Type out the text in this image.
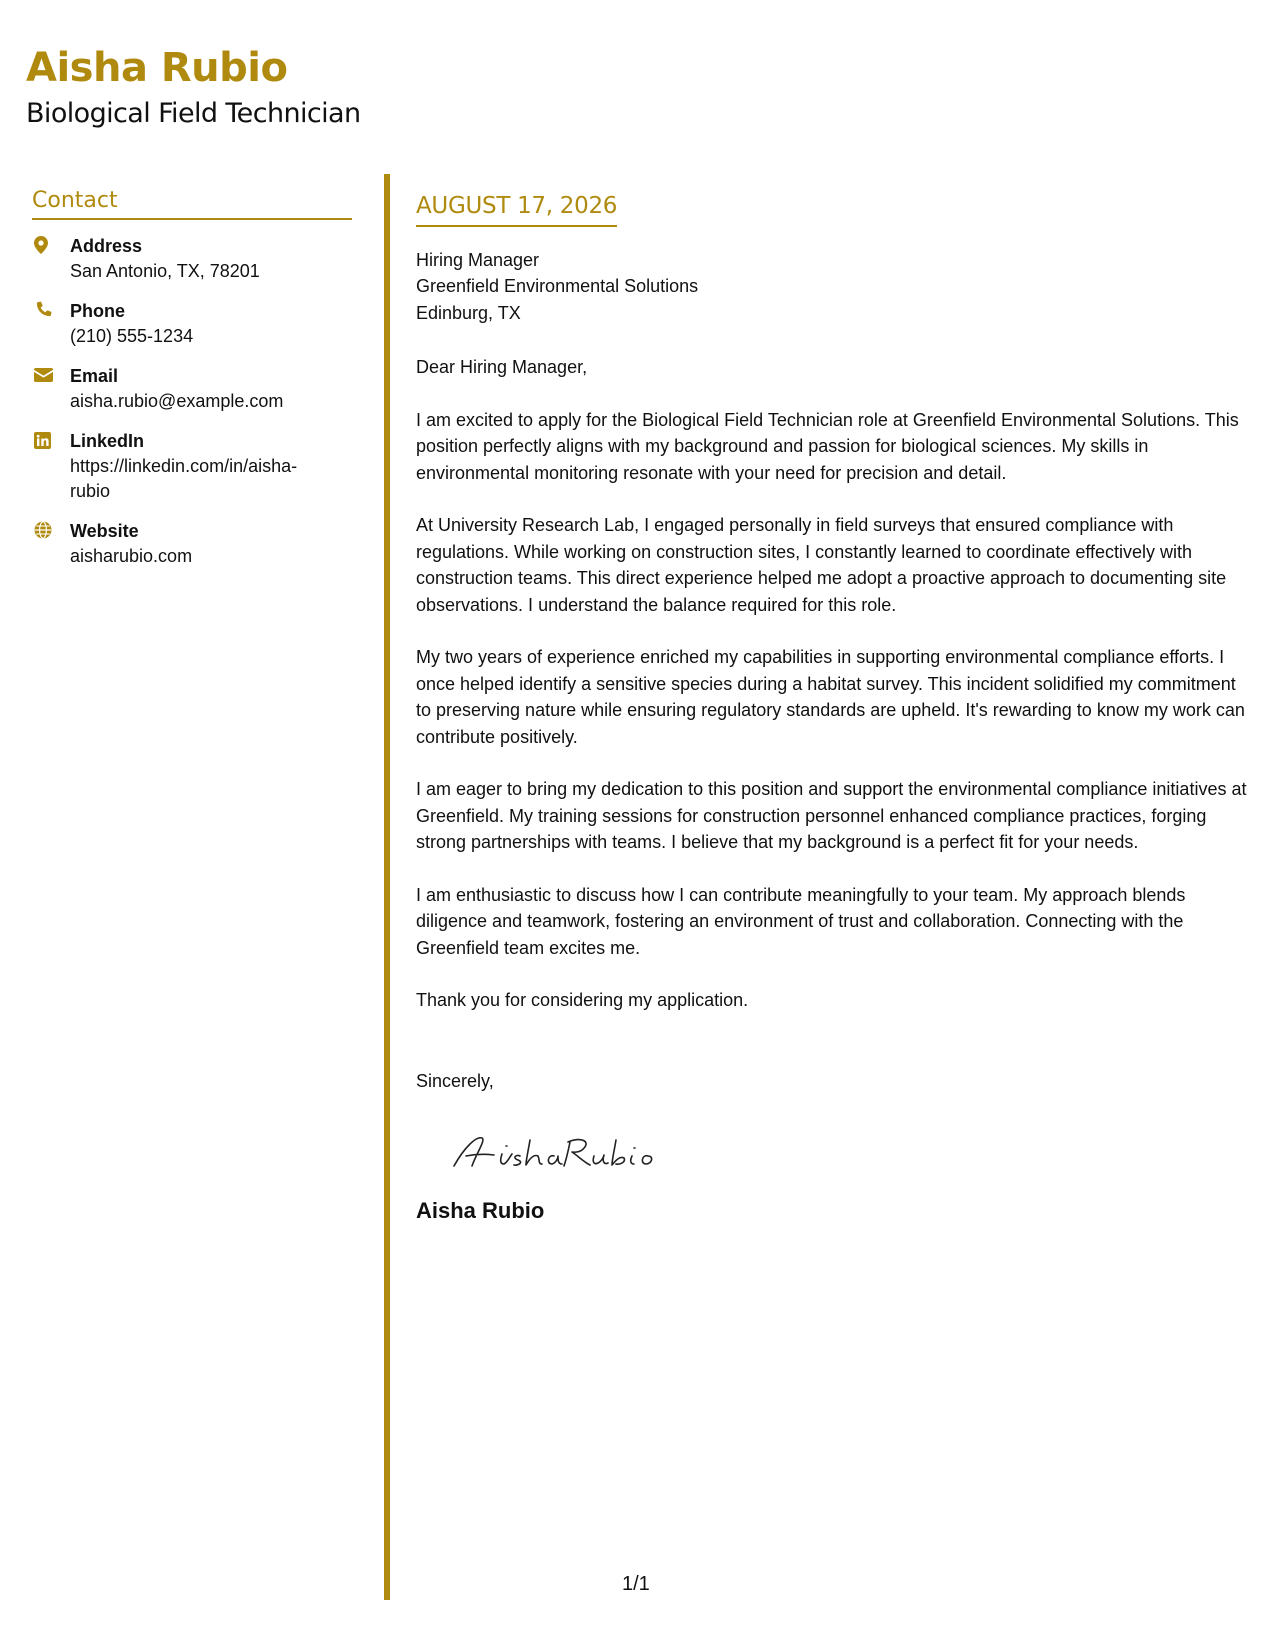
Aisha Rubio
Biological Field Technician
Contact
Address
San Antonio, TX, 78201
Phone
(210) 555-1234
Email
aisha.rubio@example.com
LinkedIn
https://linkedin.com/in/aisha-rubio
Website
aisharubio.com
AUGUST 17, 2026
Hiring Manager
Greenfield Environmental Solutions
Edinburg, TX
Dear Hiring Manager,

I am excited to apply for the Biological Field Technician role at Greenfield Environmental Solutions. This position perfectly aligns with my background and passion for biological sciences. My skills in environmental monitoring resonate with your need for precision and detail.

At University Research Lab, I engaged personally in field surveys that ensured compliance with regulations. While working on construction sites, I constantly learned to coordinate effectively with construction teams. This direct experience helped me adopt a proactive approach to documenting site observations. I understand the balance required for this role.

My two years of experience enriched my capabilities in supporting environmental compliance efforts. I once helped identify a sensitive species during a habitat survey. This incident solidified my commitment to preserving nature while ensuring regulatory standards are upheld. It's rewarding to know my work can contribute positively.

I am eager to bring my dedication to this position and support the environmental compliance initiatives at Greenfield. My training sessions for construction personnel enhanced compliance practices, forging strong partnerships with teams. I believe that my background is a perfect fit for your needs.

I am enthusiastic to discuss how I can contribute meaningfully to your team. My approach blends diligence and teamwork, fostering an environment of trust and collaboration. Connecting with the Greenfield team excites me.

Thank you for considering my application.

Sincerely,
Aisha Rubio
1/1
